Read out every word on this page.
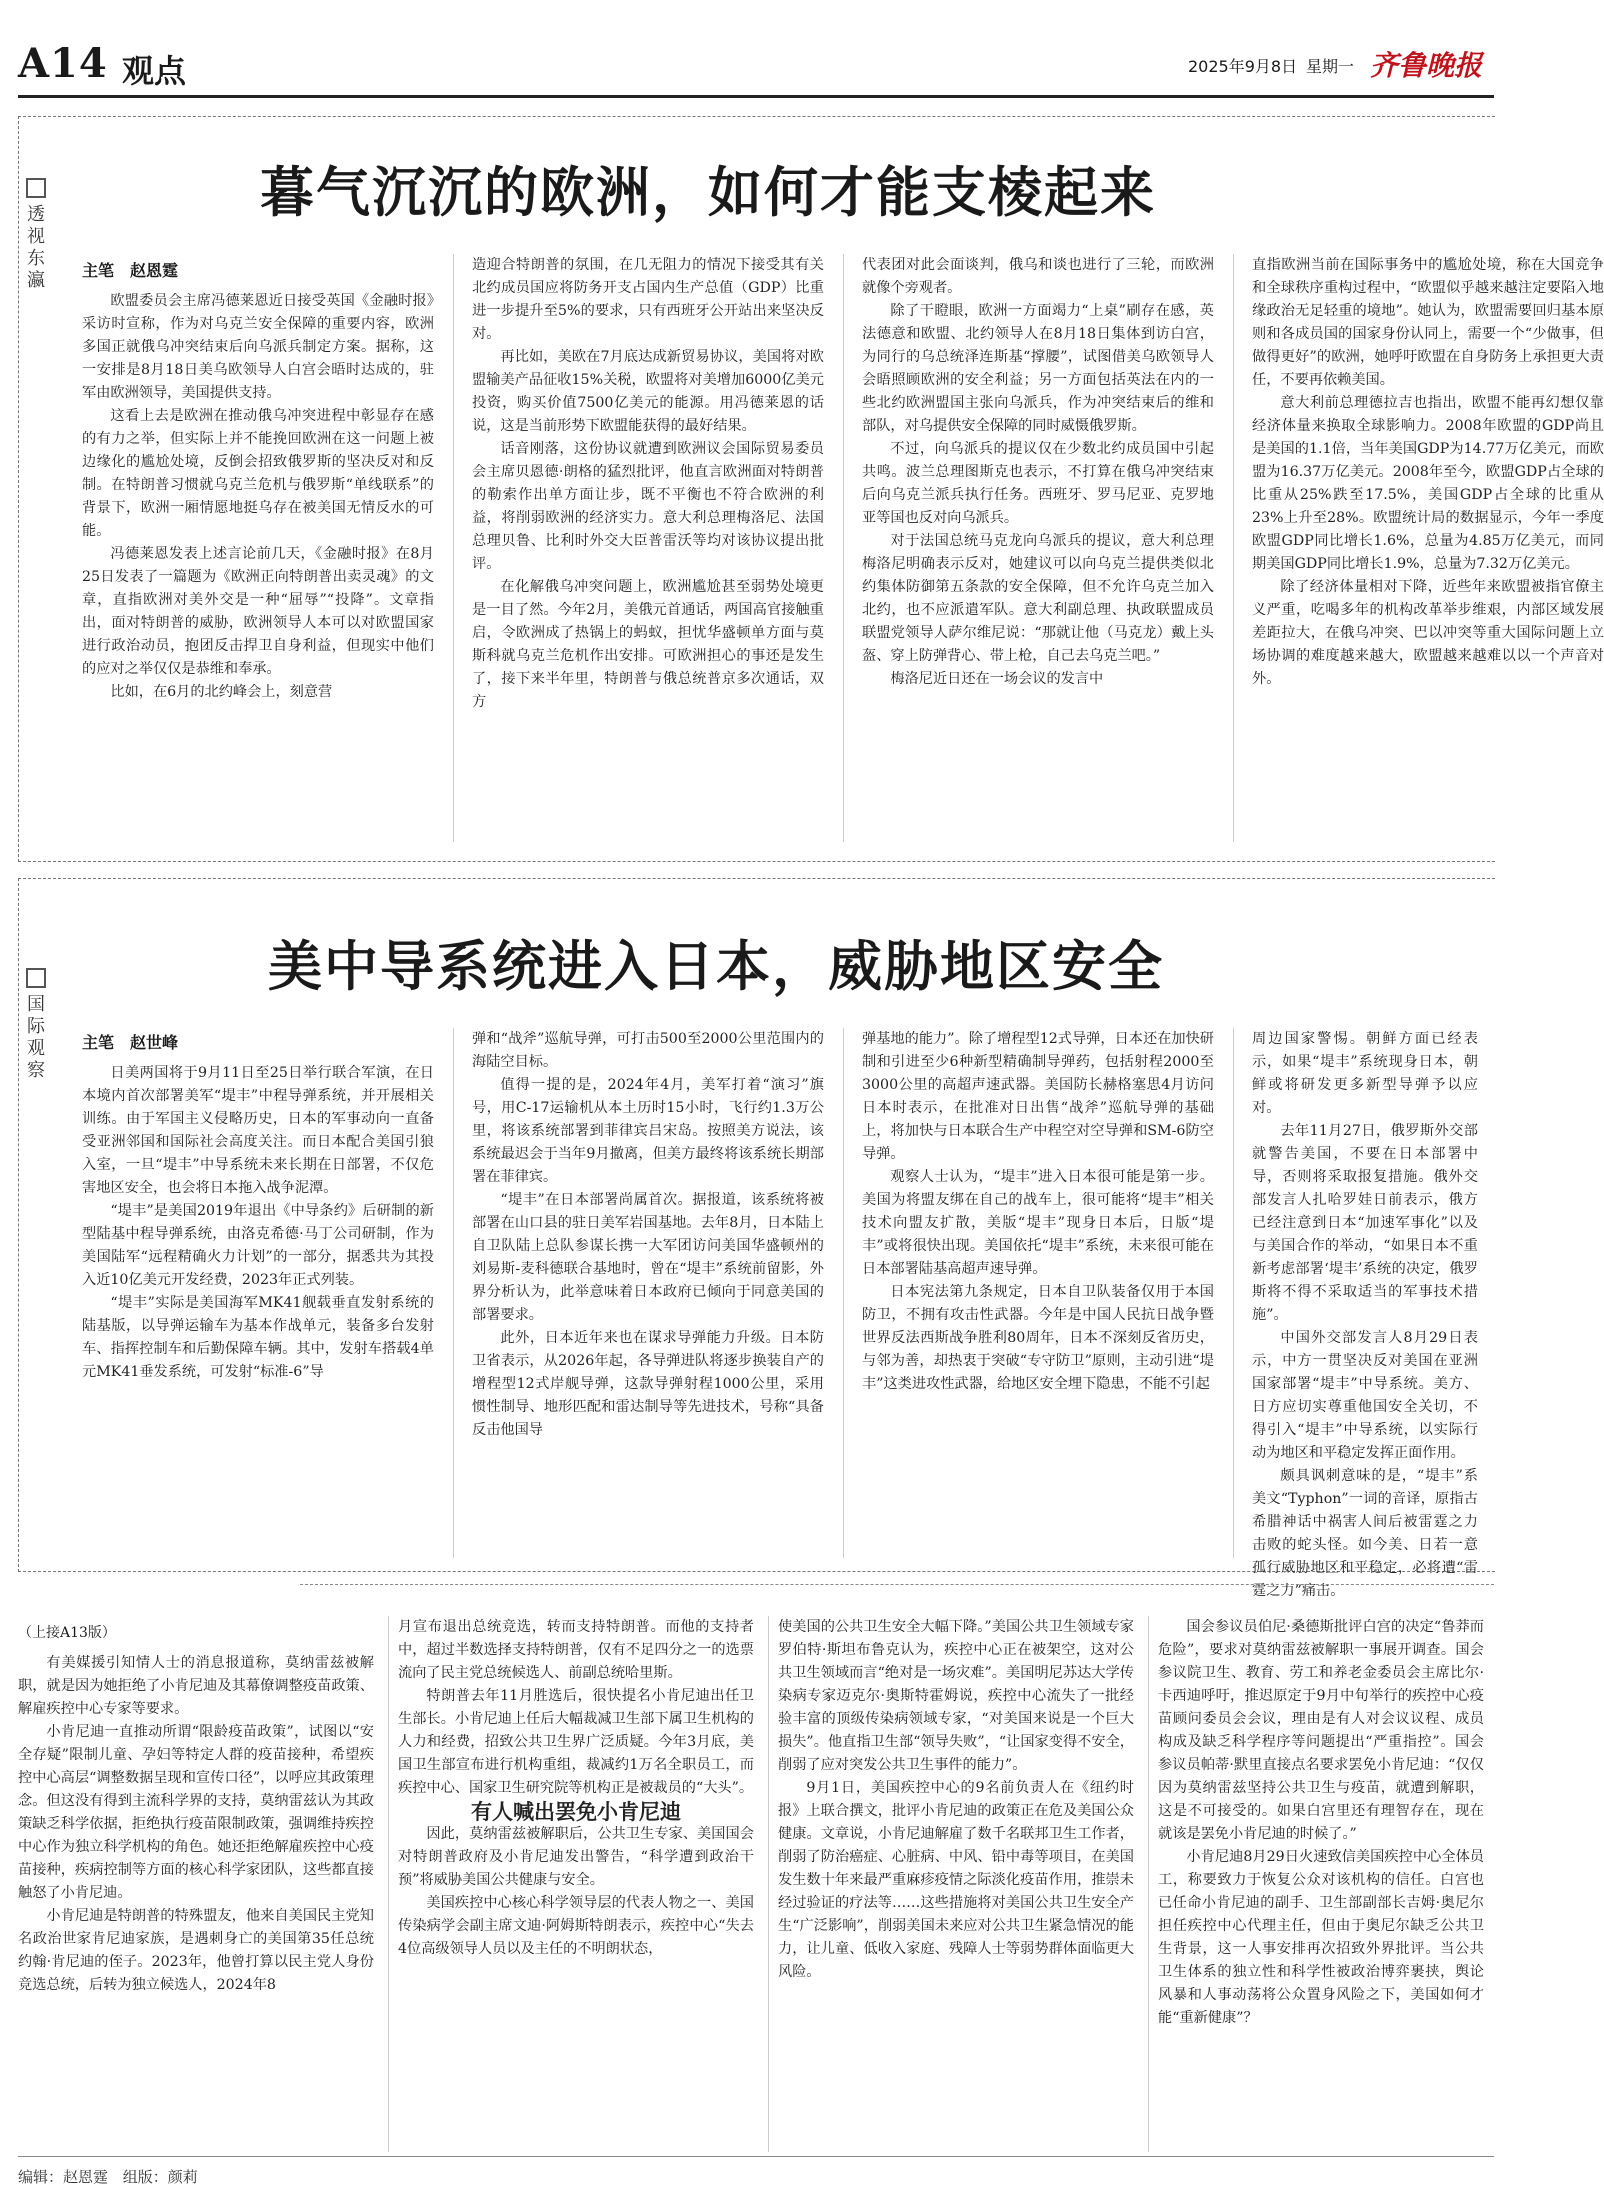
A14 观点	2025年9月8日 星期一 齐鲁晚报
透视东瀛
暮气沉沉的欧洲，如何才能支棱起来
主笔　赵恩霆

欧盟委员会主席冯德莱恩近日接受英国《金融时报》采访时宣称，作为对乌克兰安全保障的重要内容，欧洲多国正就俄乌冲突结束后向乌派兵制定方案。据称，这一安排是8月18日美乌欧领导人白宫会晤时达成的，驻军由欧洲领导，美国提供支持。

这看上去是欧洲在推动俄乌冲突进程中彰显存在感的有力之举，但实际上并不能挽回欧洲在这一问题上被边缘化的尴尬处境，反倒会招致俄罗斯的坚决反对和反制。在特朗普习惯就乌克兰危机与俄罗斯“单线联系”的背景下，欧洲一厢情愿地挺乌存在被美国无情反水的可能。

冯德莱恩发表上述言论前几天，《金融时报》在8月25日发表了一篇题为《欧洲正向特朗普出卖灵魂》的文章，直指欧洲对美外交是一种“屈辱”“投降”。文章指出，面对特朗普的威胁，欧洲领导人本可以对欧盟国家进行政治动员，抱团反击捍卫自身利益，但现实中他们的应对之举仅仅是恭维和奉承。

比如，在6月的北约峰会上，刻意营

造迎合特朗普的氛围，在几无阻力的情况下接受其有关北约成员国应将防务开支占国内生产总值（GDP）比重进一步提升至5%的要求，只有西班牙公开站出来坚决反对。

再比如，美欧在7月底达成新贸易协议，美国将对欧盟输美产品征收15%关税，欧盟将对美增加6000亿美元投资，购买价值7500亿美元的能源。用冯德莱恩的话说，这是当前形势下欧盟能获得的最好结果。

话音刚落，这份协议就遭到欧洲议会国际贸易委员会主席贝恩德·朗格的猛烈批评，他直言欧洲面对特朗普的勒索作出单方面让步，既不平衡也不符合欧洲的利益，将削弱欧洲的经济实力。意大利总理梅洛尼、法国总理贝鲁、比利时外交大臣普雷沃等均对该协议提出批评。

在化解俄乌冲突问题上，欧洲尴尬甚至弱势处境更是一目了然。今年2月，美俄元首通话，两国高官接触重启，令欧洲成了热锅上的蚂蚁，担忧华盛顿单方面与莫斯科就乌克兰危机作出安排。可欧洲担心的事还是发生了，接下来半年里，特朗普与俄总统普京多次通话，双方

代表团对此会面谈判，俄乌和谈也进行了三轮，而欧洲就像个旁观者。

除了干瞪眼，欧洲一方面竭力“上桌”刷存在感，英法德意和欧盟、北约领导人在8月18日集体到访白宫，为同行的乌总统泽连斯基“撑腰”，试图借美乌欧领导人会晤照顾欧洲的安全利益；另一方面包括英法在内的一些北约欧洲盟国主张向乌派兵，作为冲突结束后的维和部队，对乌提供安全保障的同时威慑俄罗斯。

不过，向乌派兵的提议仅在少数北约成员国中引起共鸣。波兰总理图斯克也表示，不打算在俄乌冲突结束后向乌克兰派兵执行任务。西班牙、罗马尼亚、克罗地亚等国也反对向乌派兵。

对于法国总统马克龙向乌派兵的提议，意大利总理梅洛尼明确表示反对，她建议可以向乌克兰提供类似北约集体防御第五条款的安全保障，但不允许乌克兰加入北约，也不应派遣军队。意大利副总理、执政联盟成员联盟党领导人萨尔维尼说：“那就让他（马克龙）戴上头盔、穿上防弹背心、带上枪，自己去乌克兰吧。”

梅洛尼近日还在一场会议的发言中

直指欧洲当前在国际事务中的尴尬处境，称在大国竞争和全球秩序重构过程中，“欧盟似乎越来越注定要陷入地缘政治无足轻重的境地”。她认为，欧盟需要回归基本原则和各成员国的国家身份认同上，需要一个“少做事，但做得更好”的欧洲，她呼吁欧盟在自身防务上承担更大责任，不要再依赖美国。

意大利前总理德拉吉也指出，欧盟不能再幻想仅靠经济体量来换取全球影响力。2008年欧盟的GDP尚且是美国的1.1倍，当年美国GDP为14.77万亿美元，而欧盟为16.37万亿美元。2008年至今，欧盟GDP占全球的比重从25%跌至17.5%，美国GDP占全球的比重从23%上升至28%。欧盟统计局的数据显示，今年一季度欧盟GDP同比增长1.6%，总量为4.85万亿美元，而同期美国GDP同比增长1.9%，总量为7.32万亿美元。

除了经济体量相对下降，近些年来欧盟被指官僚主义严重，吃喝多年的机构改革举步维艰，内部区域发展差距拉大，在俄乌冲突、巴以冲突等重大国际问题上立场协调的难度越来越大，欧盟越来越难以以一个声音对外。

国际观察
美中导系统进入日本，威胁地区安全
主笔　赵世峰

日美两国将于9月11日至25日举行联合军演，在日本境内首次部署美军“堤丰”中程导弹系统，并开展相关训练。由于军国主义侵略历史，日本的军事动向一直备受亚洲邻国和国际社会高度关注。而日本配合美国引狼入室，一旦“堤丰”中导系统未来长期在日部署，不仅危害地区安全，也会将日本拖入战争泥潭。

“堤丰”是美国2019年退出《中导条约》后研制的新型陆基中程导弹系统，由洛克希德·马丁公司研制，作为美国陆军“远程精确火力计划”的一部分，据悉共为其投入近10亿美元开发经费，2023年正式列装。

“堤丰”实际是美国海军MK41舰载垂直发射系统的陆基版，以导弹运输车为基本作战单元，装备多台发射车、指挥控制车和后勤保障车辆。其中，发射车搭载4单元MK41垂发系统，可发射“标准-6”导

弹和“战斧”巡航导弹，可打击500至2000公里范围内的海陆空目标。

值得一提的是，2024年4月，美军打着“演习”旗号，用C-17运输机从本土历时15小时，飞行约1.3万公里，将该系统部署到菲律宾吕宋岛。按照美方说法，该系统最迟会于当年9月撤离，但美方最终将该系统长期部署在菲律宾。

“堤丰”在日本部署尚属首次。据报道，该系统将被部署在山口县的驻日美军岩国基地。去年8月，日本陆上自卫队陆上总队参谋长携一大军团访问美国华盛顿州的刘易斯-麦科德联合基地时，曾在“堤丰”系统前留影，外界分析认为，此举意味着日本政府已倾向于同意美国的部署要求。

此外，日本近年来也在谋求导弹能力升级。日本防卫省表示，从2026年起，各导弹进队将逐步换装自产的增程型12式岸舰导弹，这款导弹射程1000公里，采用惯性制导、地形匹配和雷达制导等先进技术，号称“具备反击他国导

弹基地的能力”。除了增程型12式导弹，日本还在加快研制和引进至少6种新型精确制导弹药，包括射程2000至3000公里的高超声速武器。美国防长赫格塞思4月访问日本时表示，在批准对日出售“战斧”巡航导弹的基础上，将加快与日本联合生产中程空对空导弹和SM-6防空导弹。

观察人士认为，“堤丰”进入日本很可能是第一步。美国为将盟友绑在自己的战车上，很可能将“堤丰”相关技术向盟友扩散，美版“堤丰”现身日本后，日版“堤丰”或将很快出现。美国依托“堤丰”系统，未来很可能在日本部署陆基高超声速导弹。

日本宪法第九条规定，日本自卫队装备仅用于本国防卫，不拥有攻击性武器。今年是中国人民抗日战争暨世界反法西斯战争胜利80周年，日本不深刻反省历史，与邻为善，却热衷于突破“专守防卫”原则，主动引进“堤丰”这类进攻性武器，给地区安全埋下隐患，不能不引起

周边国家警惕。朝鲜方面已经表示，如果“堤丰”系统现身日本，朝鲜或将研发更多新型导弹予以应对。

去年11月27日，俄罗斯外交部就警告美国，不要在日本部署中导，否则将采取报复措施。俄外交部发言人扎哈罗娃日前表示，俄方已经注意到日本“加速军事化”以及与美国合作的举动，“如果日本不重新考虑部署‘堤丰’系统的决定，俄罗斯将不得不采取适当的军事技术措施”。

中国外交部发言人8月29日表示，中方一贯坚决反对美国在亚洲国家部署“堤丰”中导系统。美方、日方应切实尊重他国安全关切，不得引入“堤丰”中导系统，以实际行动为地区和平稳定发挥正面作用。

颇具讽刺意味的是，“堤丰”系美文“Typhon”一词的音译，原指古希腊神话中祸害人间后被雷霆之力击败的蛇头怪。如今美、日若一意孤行威胁地区和平稳定，必将遭“雷霆之力”痛击。

（上接A13版）

有美媒援引知情人士的消息报道称，莫纳雷兹被解职，就是因为她拒绝了小肯尼迪及其幕僚调整疫苗政策、解雇疾控中心专家等要求。

小肯尼迪一直推动所谓“限龄疫苗政策”，试图以“安全存疑”限制儿童、孕妇等特定人群的疫苗接种，希望疾控中心高层“调整数据呈现和宣传口径”，以呼应其政策理念。但这没有得到主流科学界的支持，莫纳雷兹认为其政策缺乏科学依据，拒绝执行疫苗限制政策，强调维持疾控中心作为独立科学机构的角色。她还拒绝解雇疾控中心疫苗接种，疾病控制等方面的核心科学家团队，这些都直接触怒了小肯尼迪。

小肯尼迪是特朗普的特殊盟友，他来自美国民主党知名政治世家肯尼迪家族，是遇刺身亡的美国第35任总统约翰·肯尼迪的侄子。2023年，他曾打算以民主党人身份竞选总统，后转为独立候选人，2024年8

月宣布退出总统竞选，转而支持特朗普。而他的支持者中，超过半数选择支持特朗普，仅有不足四分之一的选票流向了民主党总统候选人、前副总统哈里斯。

特朗普去年11月胜选后，很快提名小肯尼迪出任卫生部长。小肯尼迪上任后大幅裁减卫生部下属卫生机构的人力和经费，招致公共卫生界广泛质疑。今年3月底，美国卫生部宣布进行机构重组，裁减约1万名全职员工，而疾控中心、国家卫生研究院等机构正是被裁员的“大头”。

有人喊出罢免小肯尼迪

因此，莫纳雷兹被解职后，公共卫生专家、美国国会对特朗普政府及小肯尼迪发出警告，“科学遭到政治干预”将威胁美国公共健康与安全。

美国疾控中心核心科学领导层的代表人物之一、美国传染病学会副主席文迪·阿姆斯特朗表示，疾控中心“失去4位高级领导人员以及主任的不明朗状态，

使美国的公共卫生安全大幅下降。”美国公共卫生领域专家罗伯特·斯坦布鲁克认为，疾控中心正在被架空，这对公共卫生领域而言“绝对是一场灾难”。美国明尼苏达大学传染病专家迈克尔·奥斯特霍姆说，疾控中心流失了一批经验丰富的顶级传染病领域专家，“对美国来说是一个巨大损失”。他直指卫生部“领导失败”，“让国家变得不安全，削弱了应对突发公共卫生事件的能力”。

9月1日，美国疾控中心的9名前负责人在《纽约时报》上联合撰文，批评小肯尼迪的政策正在危及美国公众健康。文章说，小肯尼迪解雇了数千名联邦卫生工作者，削弱了防治癌症、心脏病、中风、铅中毒等项目，在美国发生数十年来最严重麻疹疫情之际淡化疫苗作用，推崇未经过验证的疗法等……这些措施将对美国公共卫生安全产生“广泛影响”，削弱美国未来应对公共卫生紧急情况的能力，让儿童、低收入家庭、残障人士等弱势群体面临更大风险。

国会参议员伯尼·桑德斯批评白宫的决定“鲁莽而危险”，要求对莫纳雷兹被解职一事展开调查。国会参议院卫生、教育、劳工和养老金委员会主席比尔·卡西迪呼吁，推迟原定于9月中旬举行的疾控中心疫苗顾问委员会会议，理由是有人对会议议程、成员构成及缺乏科学程序等问题提出“严重指控”。国会参议员帕蒂·默里直接点名要求罢免小肯尼迪：“仅仅因为莫纳雷兹坚持公共卫生与疫苗，就遭到解职，这是不可接受的。如果白宫里还有理智存在，现在就该是罢免小肯尼迪的时候了。”

小肯尼迪8月29日火速致信美国疾控中心全体员工，称要致力于恢复公众对该机构的信任。白宫也已任命小肯尼迪的副手、卫生部副部长吉姆·奥尼尔担任疾控中心代理主任，但由于奥尼尔缺乏公共卫生背景，这一人事安排再次招致外界批评。当公共卫生体系的独立性和科学性被政治博弈裹挟，舆论风暴和人事动荡将公众置身风险之下，美国如何才能“重新健康”？

编辑：赵恩霆 组版：颜莉
